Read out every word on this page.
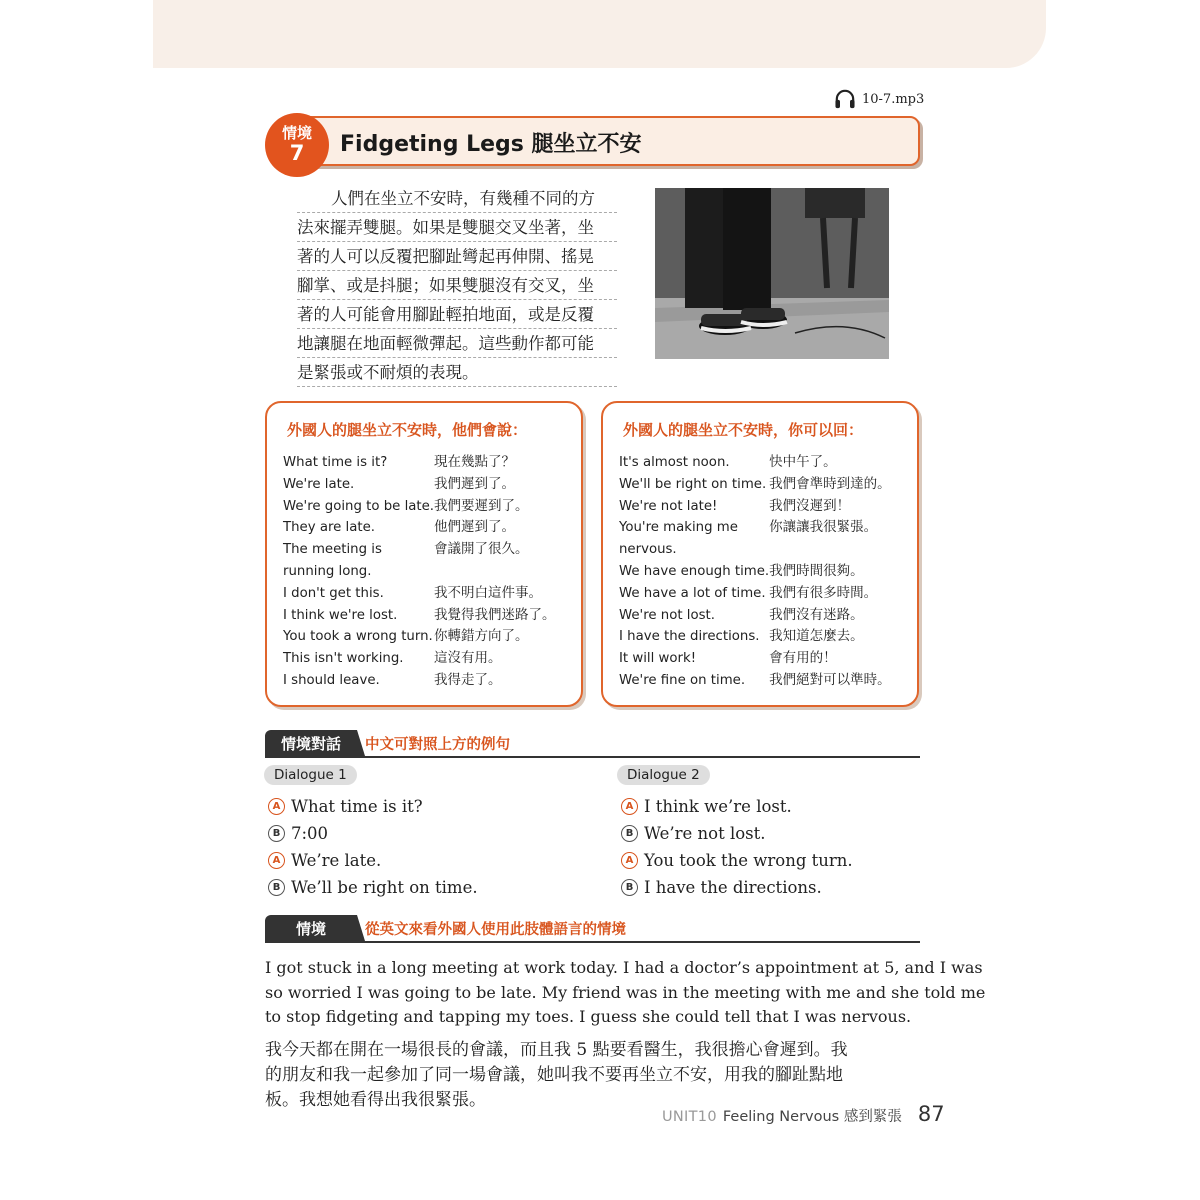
10-7.mp3
情境
7 Fidgeting Legs 腿坐立不安
人們在坐立不安時，有幾種不同的方
法來擺弄雙腿。如果是雙腿交叉坐著，坐
著的人可以反覆把腳趾彎起再伸開、搖晃
腳掌、或是抖腿；如果雙腿沒有交叉，坐
著的人可能會用腳趾輕拍地面，或是反覆
地讓腿在地面輕微彈起。這些動作都可能
是緊張或不耐煩的表現。
外國人的腿坐立不安時，他們會說：
What time is it?	現在幾點了？
We're late.	我們遲到了。
We're going to be late.	我們要遲到了。
They are late.	他們遲到了。
The meeting is	會議開了很久。
running long.	
I don't get this.	我不明白這件事。
I think we're lost.	我覺得我們迷路了。
You took a wrong turn.	你轉錯方向了。
This isn't working.	這沒有用。
I should leave.	我得走了。
外國人的腿坐立不安時，你可以回：
It's almost noon.	快中午了。
We'll be right on time.	我們會準時到達的。
We're not late!	我們沒遲到！
You're making me	你讓讓我很緊張。
nervous.	
We have enough time.	我們時間很夠。
We have a lot of time.	我們有很多時間。
We're not lost.	我們沒有迷路。
I have the directions.	我知道怎麼去。
It will work!	會有用的！
We're fine on time.	我們絕對可以準時。
情境對話	中文可對照上方的例句
Dialogue 1
A What time is it?
B 7:00
A We’re late.
B We’ll be right on time.
Dialogue 2
A I think we’re lost.
B We’re not lost.
A You took the wrong turn.
B I have the directions.
情境	從英文來看外國人使用此肢體語言的情境
I got stuck in a long meeting at work today. I had a doctor’s appointment at 5, and I was
so worried I was going to be late. My friend was in the meeting with me and she told me
to stop fidgeting and tapping my toes. I guess she could tell that I was nervous.
我今天都在開在一場很長的會議，而且我 5 點要看醫生，我很擔心會遲到。我
的朋友和我一起參加了同一場會議，她叫我不要再坐立不安，用我的腳趾點地
板。我想她看得出我很緊張。
UNIT10 Feeling Nervous 感到緊張 87
